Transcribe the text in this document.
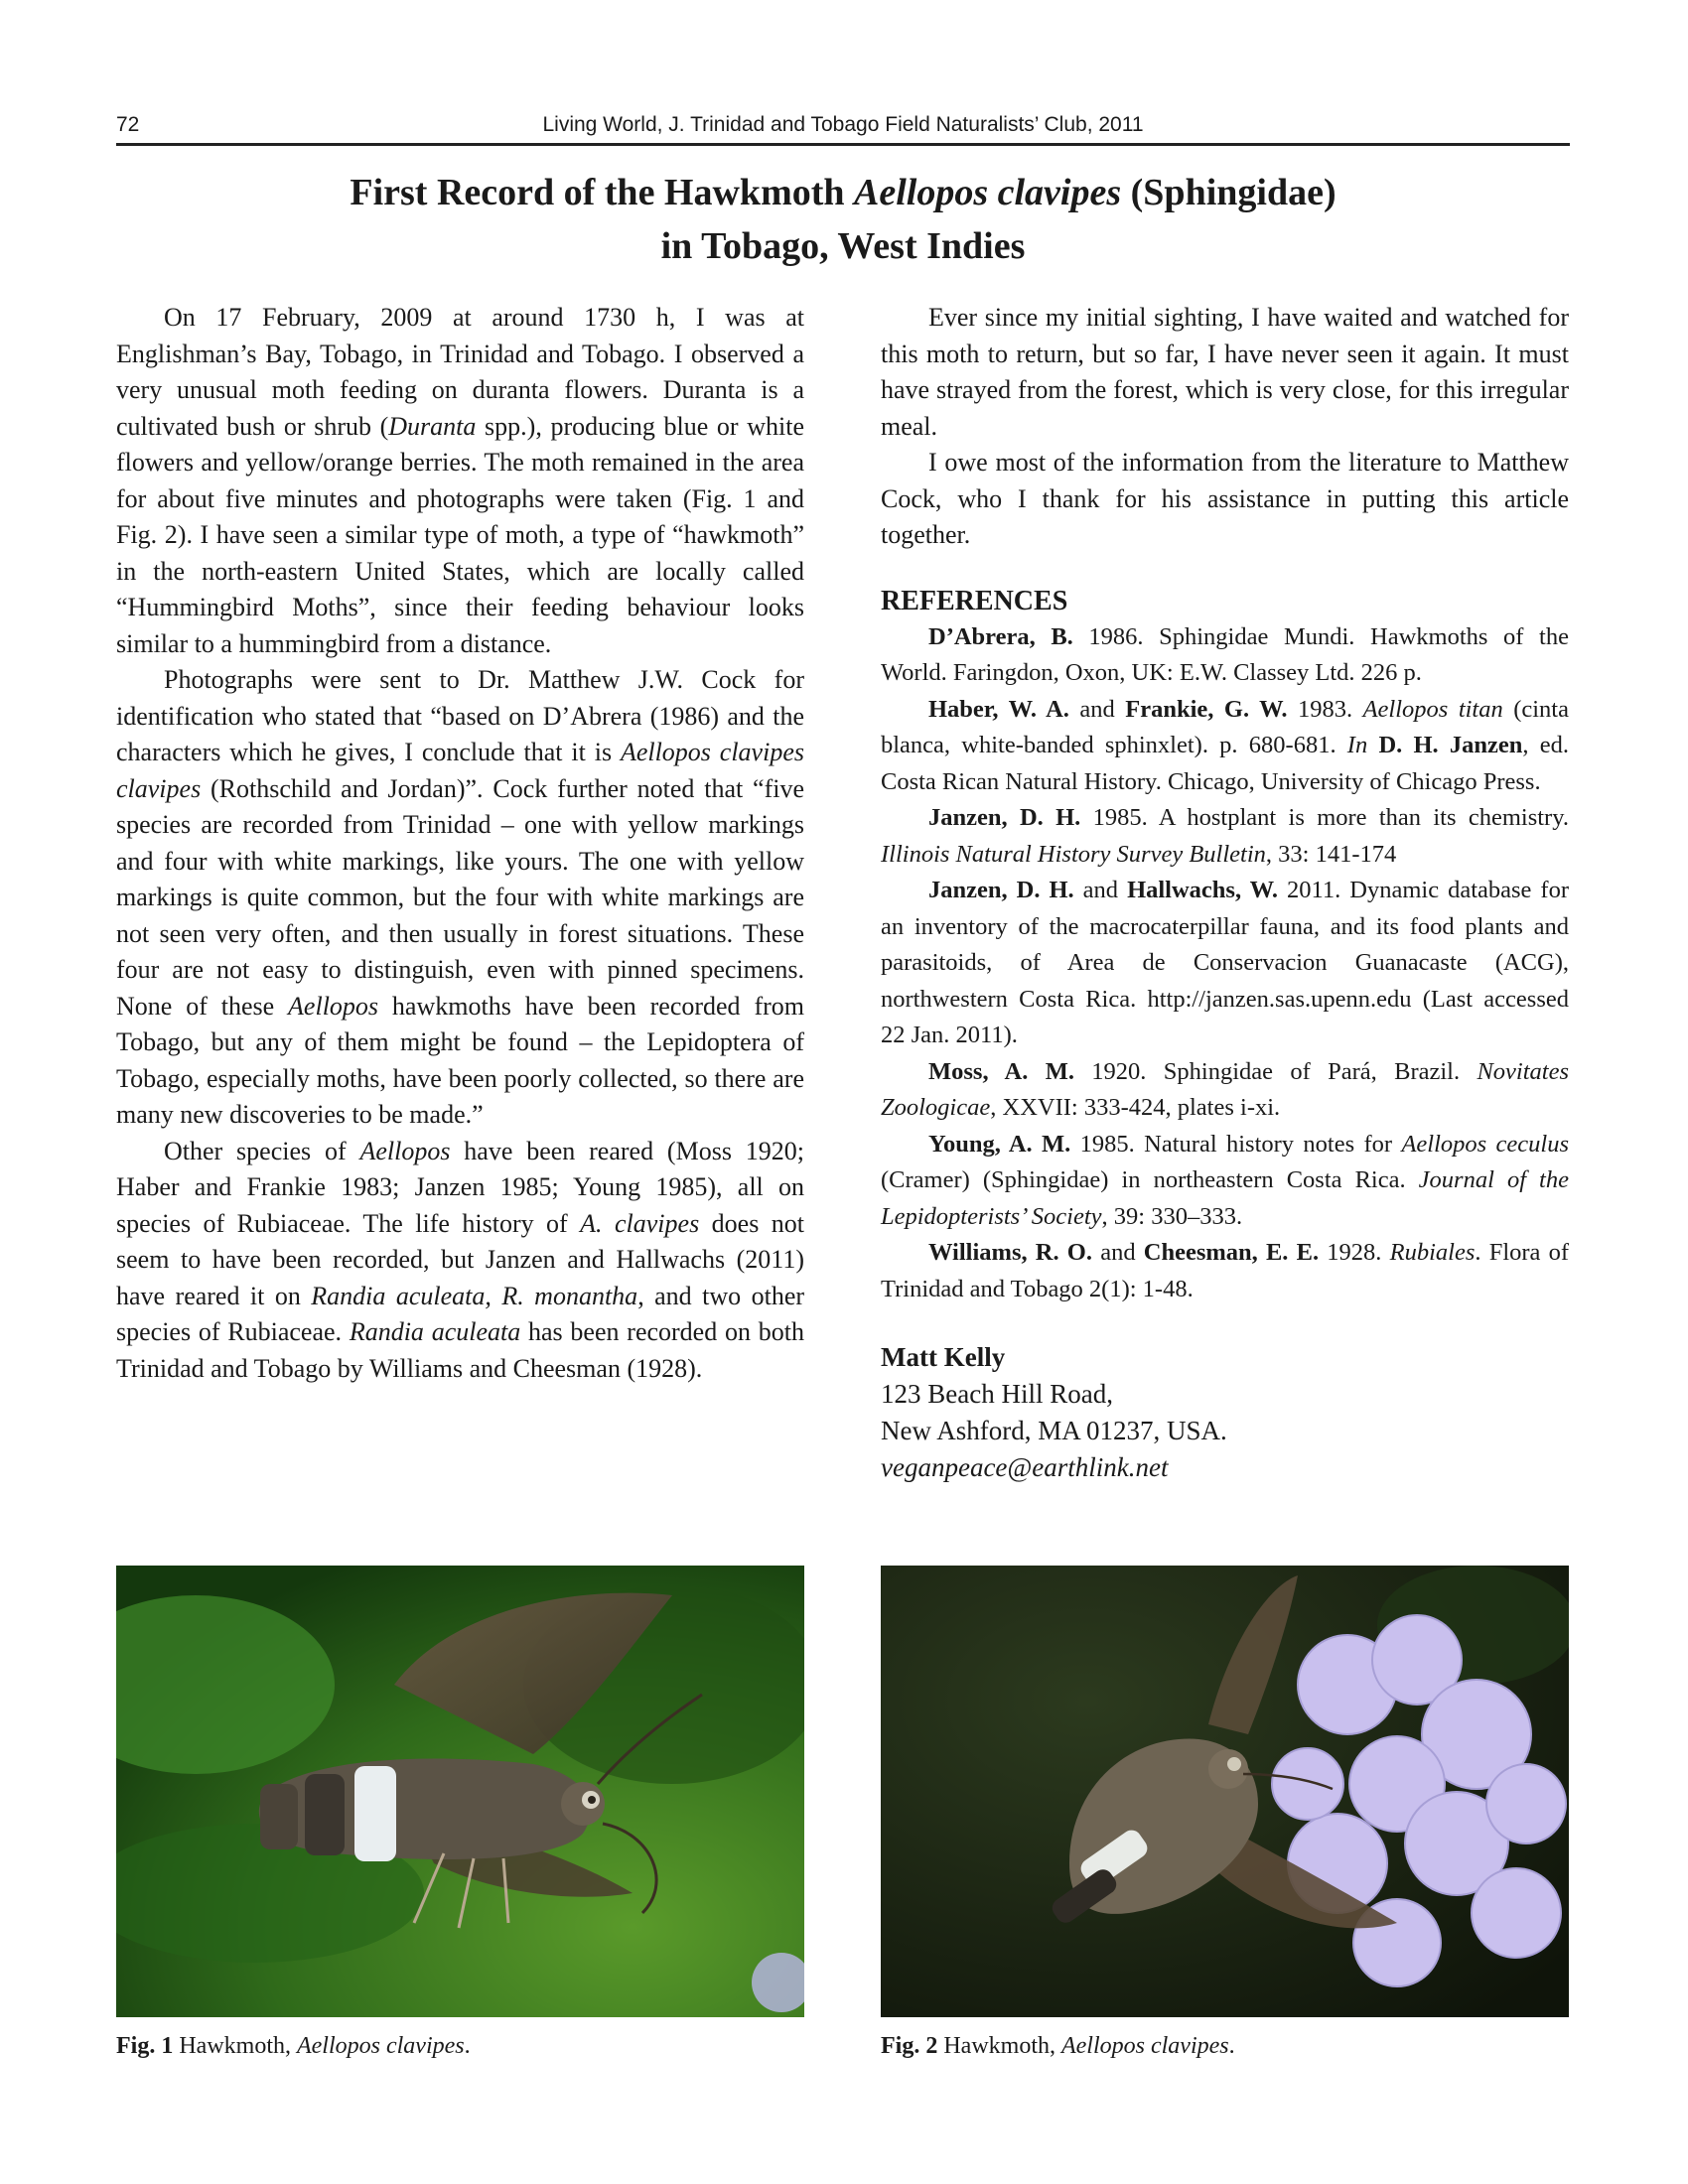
72	Living World, J. Trinidad and Tobago Field Naturalists’ Club, 2011
First Record of the Hawkmoth Aellopos clavipes (Sphingidae)
in Tobago, West Indies

On 17 February, 2009 at around 1730 h, I was at Englishman’s Bay, Tobago, in Trinidad and Tobago. I observed a very unusual moth feeding on duranta flowers. Duranta is a cultivated bush or shrub (Duranta spp.), producing blue or white flowers and yellow/orange berries. The moth remained in the area for about five minutes and photographs were taken (Fig. 1 and Fig. 2). I have seen a similar type of moth, a type of “hawkmoth” in the north-eastern United States, which are locally called “Hummingbird Moths”, since their feeding behaviour looks similar to a hummingbird from a distance.

Photographs were sent to Dr. Matthew J.W. Cock for identification who stated that “based on D’Abrera (1986) and the characters which he gives, I conclude that it is Aellopos clavipes clavipes (Rothschild and Jordan)”. Cock further noted that “five species are recorded from Trinidad – one with yellow markings and four with white markings, like yours. The one with yellow markings is quite common, but the four with white markings are not seen very often, and then usually in forest situations. These four are not easy to distinguish, even with pinned specimens. None of these Aellopos hawkmoths have been recorded from Tobago, but any of them might be found – the Lepidoptera of Tobago, especially moths, have been poorly collected, so there are many new discoveries to be made.”

Other species of Aellopos have been reared (Moss 1920; Haber and Frankie 1983; Janzen 1985; Young 1985), all on species of Rubiaceae. The life history of A. clavipes does not seem to have been recorded, but Janzen and Hallwachs (2011) have reared it on Randia aculeata, R. monantha, and two other species of Rubiaceae. Randia aculeata has been recorded on both Trinidad and Tobago by Williams and Cheesman (1928).

Ever since my initial sighting, I have waited and watched for this moth to return, but so far, I have never seen it again. It must have strayed from the forest, which is very close, for this irregular meal.

I owe most of the information from the literature to Matthew Cock, who I thank for his assistance in putting this article together.

REFERENCES

D’Abrera, B. 1986. Sphingidae Mundi. Hawkmoths of the World. Faringdon, Oxon, UK: E.W. Classey Ltd. 226 p.

Haber, W. A. and Frankie, G. W. 1983. Aellopos titan (cinta blanca, white-banded sphinxlet). p. 680-681. In D. H. Janzen, ed. Costa Rican Natural History. Chicago, University of Chicago Press.

Janzen, D. H. 1985. A hostplant is more than its chemistry. Illinois Natural History Survey Bulletin, 33: 141-174

Janzen, D. H. and Hallwachs, W. 2011. Dynamic database for an inventory of the macrocaterpillar fauna, and its food plants and parasitoids, of Area de Conservacion Guanacaste (ACG), northwestern Costa Rica. http://janzen.sas.upenn.edu (Last accessed 22 Jan. 2011).

Moss, A. M. 1920. Sphingidae of Pará, Brazil. Novitates Zoologicae, XXVII: 333-424, plates i-xi.

Young, A. M. 1985. Natural history notes for Aellopos ceculus (Cramer) (Sphingidae) in northeastern Costa Rica. Journal of the Lepidopterists’ Society, 39: 330–333.

Williams, R. O. and Cheesman, E. E. 1928. Rubiales. Flora of Trinidad and Tobago 2(1): 1-48.

Matt Kelly
123 Beach Hill Road,
New Ashford, MA 01237, USA.
veganpeace@earthlink.net
Fig. 1 Hawkmoth, Aellopos clavipes.	Fig. 2 Hawkmoth, Aellopos clavipes.
